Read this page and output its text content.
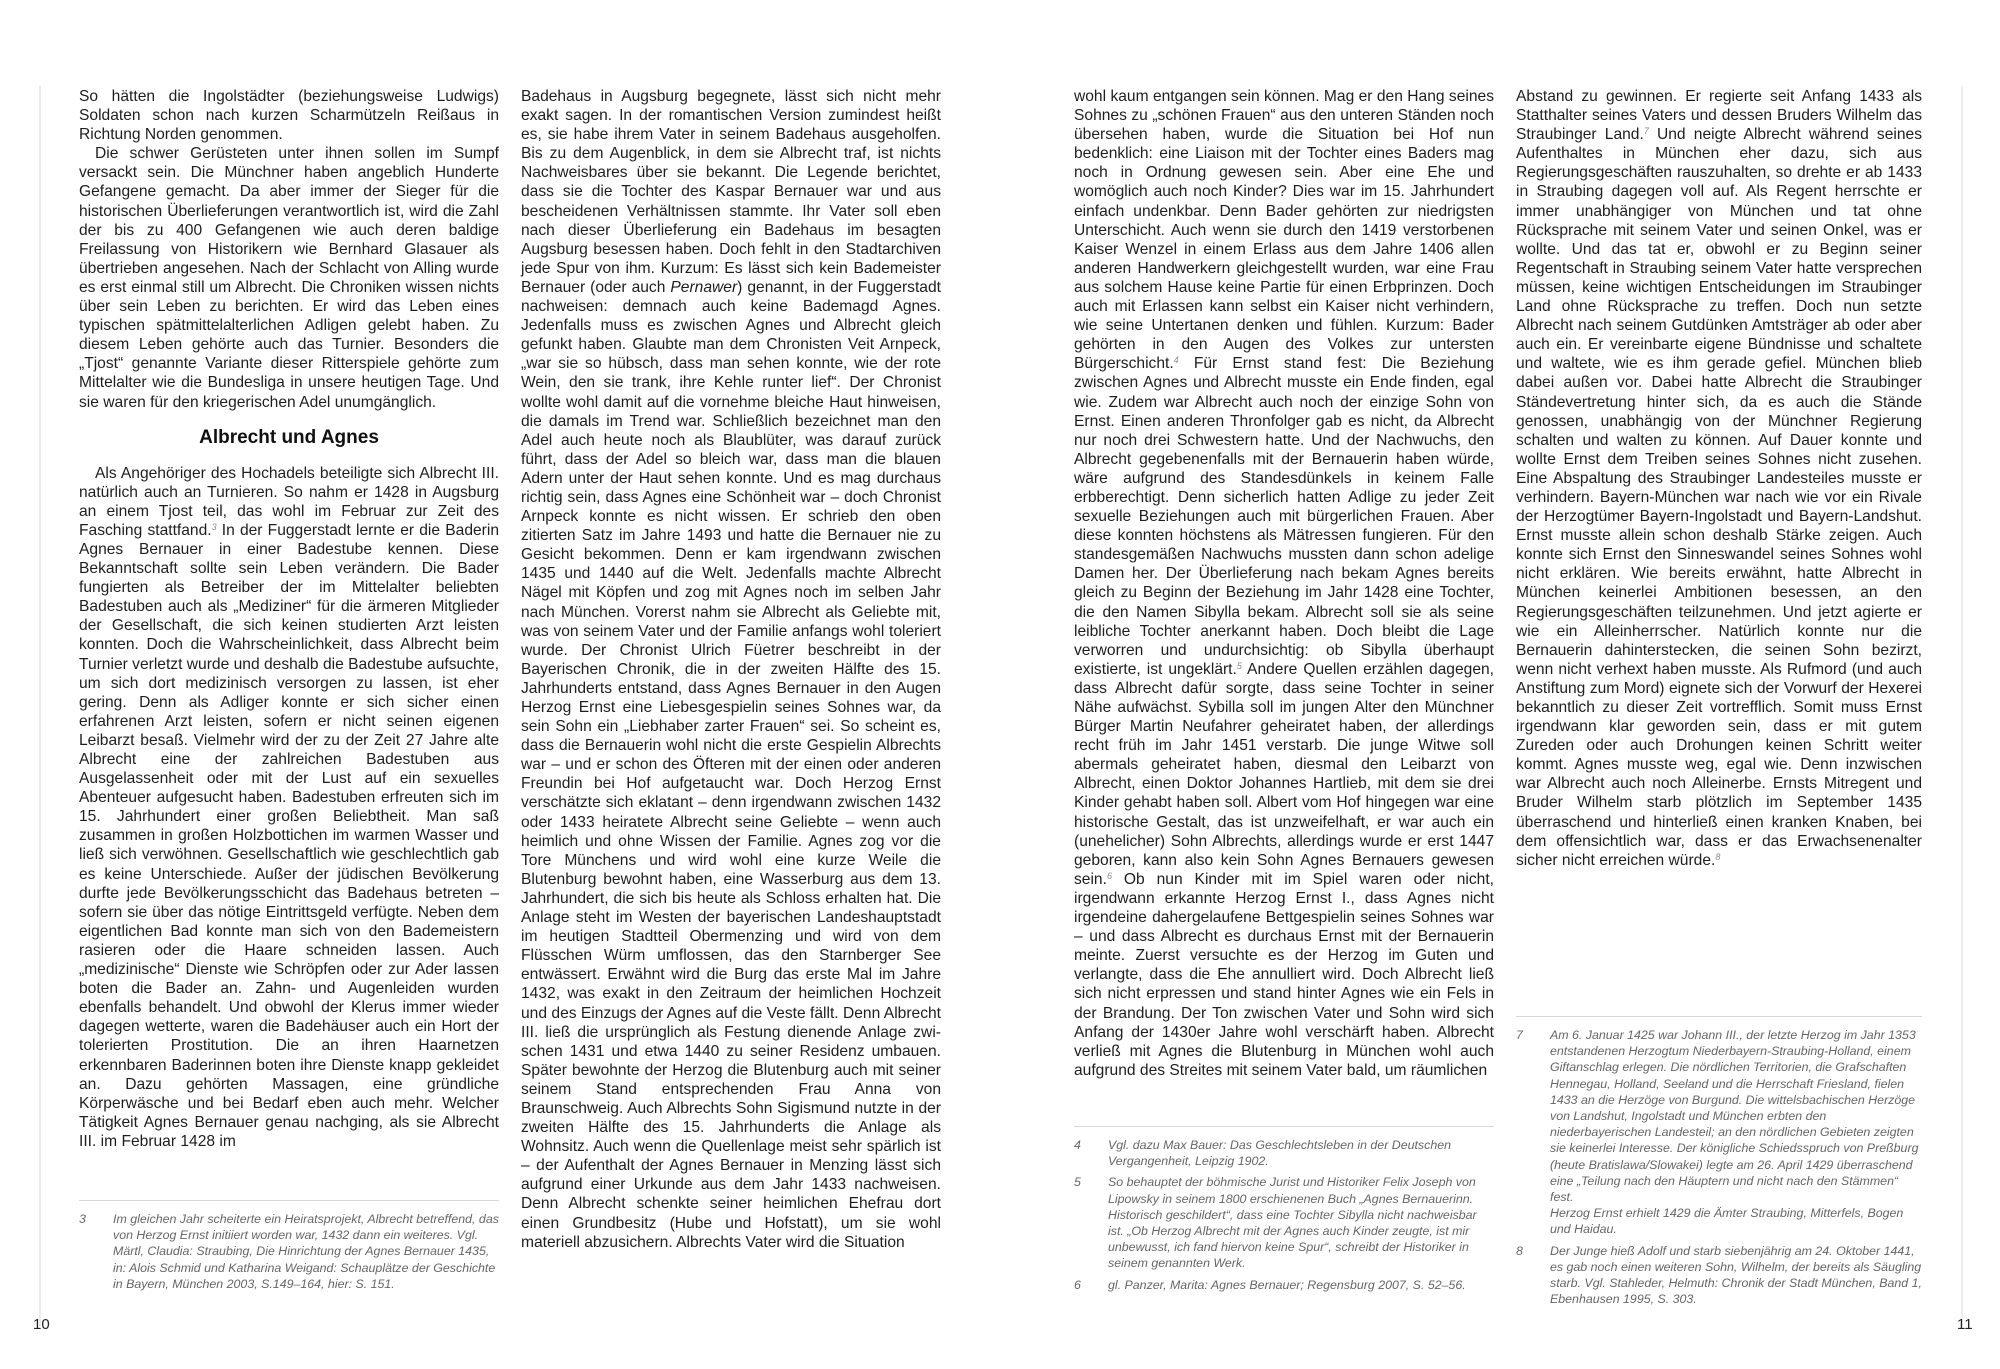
So hätten die Ingolstädter (beziehungsweise Ludwigs) Soldaten schon nach kurzen Scharmützeln Reißaus in Richtung Norden genommen.

Die schwer Gerüsteten unter ihnen sollen im Sumpf versackt sein. Die Münchner haben angeblich Hunderte Gefangene gemacht. Da aber immer der Sieger für die historischen Überlieferungen verantwortlich ist, wird die Zahl der bis zu 400 Gefangenen wie auch deren baldige Freilassung von Historikern wie Bernhard Glasauer als übertrieben angesehen. Nach der Schlacht von Alling wurde es erst einmal still um Albrecht. Die Chroniken wissen nichts über sein Leben zu berichten. Er wird das Leben eines typischen spätmittelalterlichen Adligen gelebt haben. Zu diesem Leben gehörte auch das Turnier. Besonders die „Tjost“ genannte Variante dieser Ritterspiele gehörte zum Mittelalter wie die Bundesliga in unsere heutigen Tage. Und sie waren für den kriegerischen Adel unumgänglich.

Albrecht und Agnes

Als Angehöriger des Hochadels beteiligte sich Albrecht III. natürlich auch an Turnieren. So nahm er 1428 in Augsburg an einem Tjost teil, das wohl im Februar zur Zeit des Fasching stattfand.$^3$ In der Fuggerstadt lernte er die Baderin Agnes Bernauer in einer Badestube kennen. Diese Bekanntschaft sollte sein Leben verändern. Die Bader fungierten als Betreiber der im Mittelalter beliebten Badestuben auch als „Mediziner“ für die ärmeren Mitglieder der Gesellschaft, die sich keinen studierten Arzt leisten konnten. Doch die Wahrscheinlichkeit, dass Albrecht beim Turnier verletzt wurde und deshalb die Badestube aufsuchte, um sich dort medizinisch versorgen zu lassen, ist eher gering. Denn als Adliger konnte er sich sicher einen erfahrenen Arzt leisten, sofern er nicht seinen eigenen Leibarzt besaß. Vielmehr wird der zu der Zeit 27 Jahre alte Albrecht eine der zahlreichen Badestuben aus Ausgelassenheit oder mit der Lust auf ein sexuelles Abenteuer aufgesucht haben. Badestuben erfreuten sich im 15. Jahrhundert einer großen Beliebtheit. Man saß zusammen in großen Holzbottichen im warmen Wasser und ließ sich verwöhnen. Gesellschaftlich wie geschlechtlich gab es keine Unterschiede. Außer der jüdischen Bevölkerung durfte jede Bevölkerungsschicht das Badehaus betreten – sofern sie über das nötige Eintrittsgeld verfügte. Neben dem eigentlichen Bad konnte man sich von den Bademeistern rasieren oder die Haare schneiden lassen. Auch „medizinische“ Dienste wie Schröpfen oder zur Ader lassen boten die Bader an. Zahn- und Augenleiden wurden ebenfalls behandelt. Und obwohl der Klerus immer wieder dagegen wetterte, waren die Badehäuser auch ein Hort der tolerierten Prostitution. Die an ihren Haarnetzen erkennbaren Baderinnen boten ihre Dienste knapp gekleidet an. Dazu gehörten Massagen, eine gründliche Körperwäsche und bei Bedarf eben auch mehr. Welcher Tätigkeit Agnes Bernauer genau nachging, als sie Albrecht III. im Februar 1428 im

3	Im gleichen Jahr scheiterte ein Heiratsprojekt, Albrecht betreffend, das von Herzog Ernst initiiert worden war, 1432 dann ein weiteres. Vgl. Märtl, Claudia: Straubing, Die Hinrichtung der Agnes Bernauer 1435, in: Alois Schmid und Katharina Weigand: Schauplätze der Geschichte in Bayern, München 2003, S.149–164, hier: S. 151.

Badehaus in Augsburg begegnete, lässt sich nicht mehr exakt sagen. In der romantischen Version zumindest heißt es, sie habe ihrem Vater in seinem Badehaus ausgeholfen. Bis zu dem Augenblick, in dem sie Albrecht traf, ist nichts Nachweisbares über sie bekannt. Die Legende berichtet, dass sie die Tochter des Kaspar Bernauer war und aus bescheidenen Verhältnissen stammte. Ihr Vater soll eben nach dieser Überlieferung ein Badehaus im besagten Augsburg besessen haben. Doch fehlt in den Stadtarchiven jede Spur von ihm. Kurzum: Es lässt sich kein Bademeister Bernauer (oder auch Pernawer) genannt, in der Fuggerstadt nachweisen: demnach auch keine Bademagd Agnes. Jedenfalls muss es zwischen Agnes und Albrecht gleich gefunkt haben. Glaubte man dem Chronisten Veit Arnpeck, „war sie so hübsch, dass man sehen konnte, wie der rote Wein, den sie trank, ihre Kehle runter lief“. Der Chronist wollte wohl damit auf die vornehme bleiche Haut hinweisen, die damals im Trend war. Schließlich bezeichnet man den Adel auch heute noch als Blaublüter, was darauf zurück führt, dass der Adel so bleich war, dass man die blauen Adern unter der Haut sehen konnte. Und es mag durchaus richtig sein, dass Agnes eine Schönheit war – doch Chronist Arnpeck konnte es nicht wissen. Er schrieb den oben zitierten Satz im Jahre 1493 und hatte die Bernauer nie zu Gesicht bekommen. Denn er kam irgendwann zwischen 1435 und 1440 auf die Welt. Jedenfalls machte Albrecht Nägel mit Köpfen und zog mit Agnes noch im selben Jahr nach München. Vorerst nahm sie Albrecht als Geliebte mit, was von seinem Vater und der Familie anfangs wohl toleriert wurde. Der Chronist Ulrich Füetrer beschreibt in der Bayerischen Chronik, die in der zweiten Hälfte des 15. Jahrhunderts entstand, dass Agnes Bernauer in den Augen Herzog Ernst eine Liebesgespielin seines Sohnes war, da sein Sohn ein „Liebhaber zarter Frauen“ sei. So scheint es, dass die Bernauerin wohl nicht die erste Gespielin Albrechts war – und er schon des Öfteren mit der einen oder anderen Freundin bei Hof aufgetaucht war. Doch Herzog Ernst verschätzte sich eklatant – denn irgendwann zwischen 1432 oder 1433 heiratete Albrecht seine Geliebte – wenn auch heimlich und ohne Wissen der Familie. Agnes zog vor die Tore Münchens und wird wohl eine kurze Weile die Blutenburg bewohnt haben, eine Wasserburg aus dem 13. Jahrhundert, die sich bis heute als Schloss erhalten hat. Die Anlage steht im Westen der bayerischen Landeshauptstadt im heutigen Stadtteil Obermenzing und wird von dem Flüsschen Würm umflossen, das den Starnberger See entwässert. Erwähnt wird die Burg das erste Mal im Jahre 1432, was exakt in den Zeitraum der heimlichen Hochzeit und des Einzugs der Agnes auf die Veste fällt. Denn Albrecht III. ließ die ursprünglich als Festung dienende Anlage zwischen 1431 und etwa 1440 zu seiner Residenz umbauen. Später bewohnte der Herzog die Blutenburg auch mit seiner seinem Stand entsprechenden Frau Anna von Braunschweig. Auch Albrechts Sohn Sigismund nutzte in der zweiten Hälfte des 15. Jahrhunderts die Anlage als Wohnsitz. Auch wenn die Quellenlage meist sehr spärlich ist – der Aufenthalt der Agnes Bernauer in Menzing lässt sich aufgrund einer Urkunde aus dem Jahr 1433 nachweisen. Denn Albrecht schenkte seiner heimlichen Ehefrau dort einen Grundbesitz (Hube und Hofstatt), um sie wohl materiell abzusichern. Albrechts Vater wird die Situation

wohl kaum entgangen sein können. Mag er den Hang seines Sohnes zu „schönen Frauen“ aus den unteren Ständen noch übersehen haben, wurde die Situation bei Hof nun bedenklich: eine Liaison mit der Tochter eines Baders mag noch in Ordnung gewesen sein. Aber eine Ehe und womöglich auch noch Kinder? Dies war im 15. Jahrhundert einfach undenkbar. Denn Bader gehörten zur niedrigsten Unterschicht. Auch wenn sie durch den 1419 verstorbenen Kaiser Wenzel in einem Erlass aus dem Jahre 1406 allen anderen Handwerkern gleichgestellt wurden, war eine Frau aus solchem Hause keine Partie für einen Erbprinzen. Doch auch mit Erlassen kann selbst ein Kaiser nicht verhindern, wie seine Untertanen denken und fühlen. Kurzum: Bader gehörten in den Augen des Volkes zur untersten Bürgerschicht.$^4$ Für Ernst stand fest: Die Beziehung zwischen Agnes und Albrecht musste ein Ende finden, egal wie. Zudem war Albrecht auch noch der einzige Sohn von Ernst. Einen anderen Thronfolger gab es nicht, da Albrecht nur noch drei Schwestern hatte. Und der Nachwuchs, den Albrecht gegebenenfalls mit der Bernauerin haben würde, wäre aufgrund des Standesdünkels in keinem Falle erbberechtigt. Denn sicherlich hatten Adlige zu jeder Zeit sexuelle Beziehungen auch mit bürgerlichen Frauen. Aber diese konnten höchstens als Mätressen fungieren. Für den standesgemäßen Nachwuchs mussten dann schon adelige Damen her. Der Überlieferung nach bekam Agnes bereits gleich zu Beginn der Beziehung im Jahr 1428 eine Tochter, die den Namen Sibylla bekam. Albrecht soll sie als seine leibliche Tochter anerkannt haben. Doch bleibt die Lage verworren und undurchsichtig: ob Sibylla überhaupt existierte, ist ungeklärt.$^5$ Andere Quellen erzählen dagegen, dass Albrecht dafür sorgte, dass seine Tochter in seiner Nähe aufwächst. Sybilla soll im jungen Alter den Münchner Bürger Martin Neufahrer geheiratet haben, der allerdings recht früh im Jahr 1451 verstarb. Die junge Witwe soll abermals geheiratet haben, diesmal den Leibarzt von Albrecht, einen Doktor Johannes Hartlieb, mit dem sie drei Kinder gehabt haben soll. Albert vom Hof hingegen war eine historische Gestalt, das ist unzweifelhaft, er war auch ein (unehelicher) Sohn Albrechts, allerdings wurde er erst 1447 geboren, kann also kein Sohn Agnes Bernauers gewesen sein.$^6$ Ob nun Kinder mit im Spiel waren oder nicht, irgendwann erkannte Herzog Ernst I., dass Agnes nicht irgendeine dahergelaufene Bettgespielin seines Sohnes war – und dass Albrecht es durchaus Ernst mit der Bernauerin meinte. Zuerst versuchte es der Herzog im Guten und verlangte, dass die Ehe annulliert wird. Doch Albrecht ließ sich nicht erpressen und stand hinter Agnes wie ein Fels in der Brandung. Der Ton zwischen Vater und Sohn wird sich Anfang der 1430er Jahre wohl verschärft haben. Albrecht verließ mit Agnes die Blutenburg in München wohl auch aufgrund des Streites mit seinem Vater bald, um räumlichen

4	Vgl. dazu Max Bauer: Das Geschlechtsleben in der Deutschen Vergangenheit, Leipzig 1902.
5	So behauptet der böhmische Jurist und Historiker Felix Joseph von Lipowsky in seinem 1800 erschienenen Buch „Agnes Bernauerinn. Historisch geschildert“, dass eine Tochter Sibylla nicht nachweisbar ist. „Ob Herzog Albrecht mit der Agnes auch Kinder zeugte, ist mir unbewusst, ich fand hiervon keine Spur“, schreibt der Historiker in seinem genannten Werk.
6	gl. Panzer, Marita: Agnes Bernauer; Regensburg 2007, S. 52–56.

Abstand zu gewinnen. Er regierte seit Anfang 1433 als Statthalter seines Vaters und dessen Bruders Wilhelm das Straubinger Land.$^7$ Und neigte Albrecht während seines Aufenthaltes in München eher dazu, sich aus Regierungsgeschäften rauszuhalten, so drehte er ab 1433 in Straubing dagegen voll auf. Als Regent herrschte er immer unabhängiger von München und tat ohne Rücksprache mit seinem Vater und seinen Onkel, was er wollte. Und das tat er, obwohl er zu Beginn seiner Regentschaft in Straubing seinem Vater hatte versprechen müssen, keine wichtigen Entscheidungen im Straubinger Land ohne Rücksprache zu treffen. Doch nun setzte Albrecht nach seinem Gutdünken Amtsträger ab oder aber auch ein. Er vereinbarte eigene Bündnisse und schaltete und waltete, wie es ihm gerade gefiel. München blieb dabei außen vor. Dabei hatte Albrecht die Straubinger Ständevertretung hinter sich, da es auch die Stände genossen, unabhängig von der Münchner Regierung schalten und walten zu können. Auf Dauer konnte und wollte Ernst dem Treiben seines Sohnes nicht zusehen. Eine Abspaltung des Straubinger Landesteiles musste er verhindern. Bayern-München war nach wie vor ein Rivale der Herzogtümer Bayern-Ingolstadt und Bayern-Landshut. Ernst musste allein schon deshalb Stärke zeigen. Auch konnte sich Ernst den Sinneswandel seines Sohnes wohl nicht erklären. Wie bereits erwähnt, hatte Albrecht in München keinerlei Ambitionen besessen, an den Regierungsgeschäften teilzunehmen. Und jetzt agierte er wie ein Alleinherrscher. Natürlich konnte nur die Bernauerin dahinterstecken, die seinen Sohn bezirzt, wenn nicht verhext haben musste. Als Rufmord (und auch Anstiftung zum Mord) eignete sich der Vorwurf der Hexerei bekanntlich zu dieser Zeit vortrefflich. Somit muss Ernst irgendwann klar geworden sein, dass er mit gutem Zureden oder auch Drohungen keinen Schritt weiter kommt. Agnes musste weg, egal wie. Denn inzwischen war Albrecht auch noch Alleinerbe. Ernsts Mitregent und Bruder Wilhelm starb plötzlich im September 1435 überraschend und hinterließ einen kranken Knaben, bei dem offensichtlich war, dass er das Erwachsenenalter sicher nicht erreichen würde.$^8$

7	Am 6. Januar 1425 war Johann III., der letzte Herzog im Jahr 1353 entstandenen Herzogtum Niederbayern-Straubing-Holland, einem Giftanschlag erlegen. Die nördlichen Territorien, die Grafschaften Hennegau, Holland, Seeland und die Herrschaft Friesland, fielen 1433 an die Herzöge von Burgund. Die wittelsbachischen Herzöge von Landshut, Ingolstadt und München erbten den niederbayerischen Landesteil; an den nördlichen Gebieten zeigten sie keinerlei Interesse. Der königliche Schiedsspruch von Preßburg (heute Bratislawa/Slowakei) legte am 26. April 1429 überraschend eine „Teilung nach den Häuptern und nicht nach den Stämmen“ fest.
Herzog Ernst erhielt 1429 die Ämter Straubing, Mitterfels, Bogen und Haidau.
8	Der Junge hieß Adolf und starb siebenjährig am 24. Oktober 1441, es gab noch einen weiteren Sohn, Wilhelm, der bereits als Säugling starb. Vgl. Stahleder, Helmuth: Chronik der Stadt München, Band 1, Ebenhausen 1995, S. 303.
10	11
